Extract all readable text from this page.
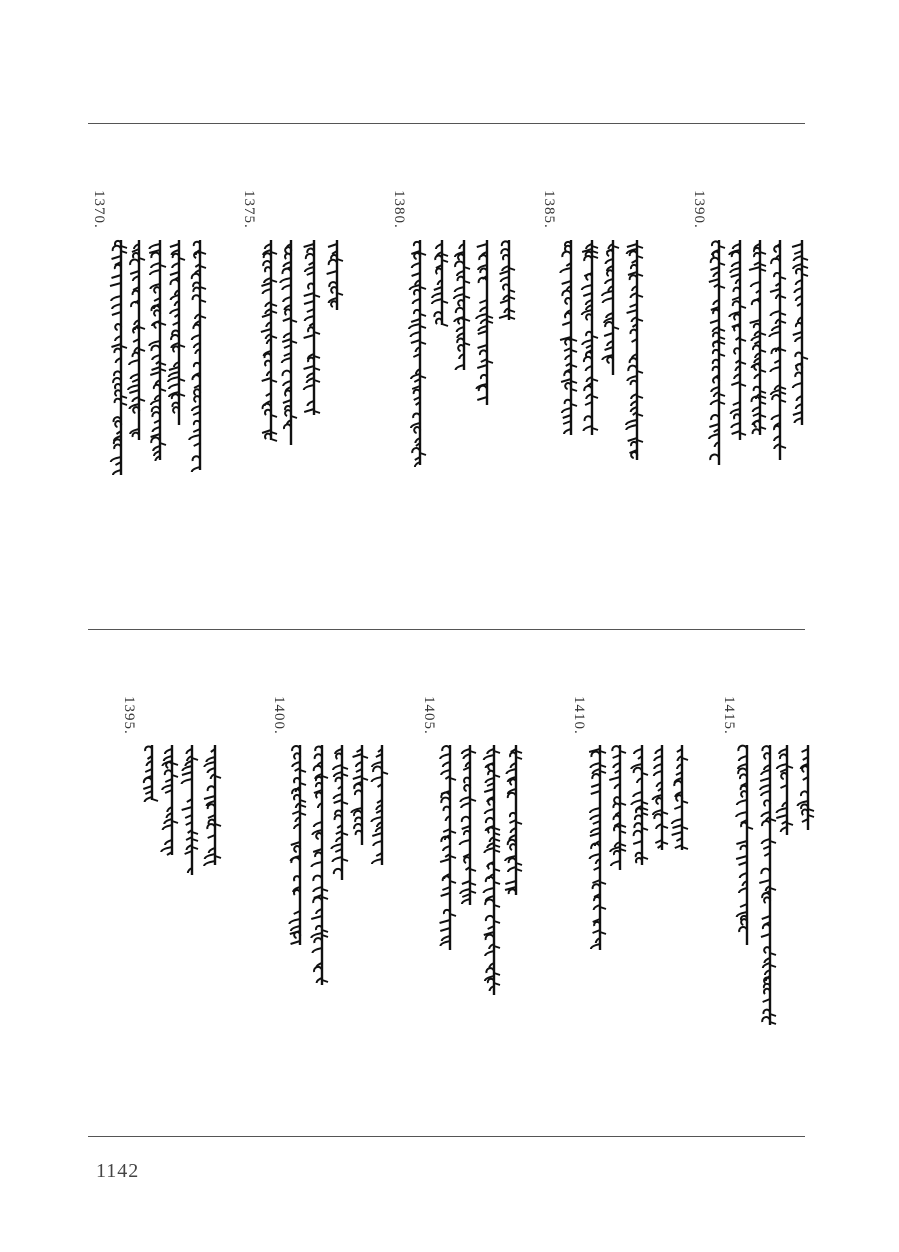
1370.	1375.	1380.	1385.	1390.
1395.	1400.	1405.	1410.	1415.
1142
